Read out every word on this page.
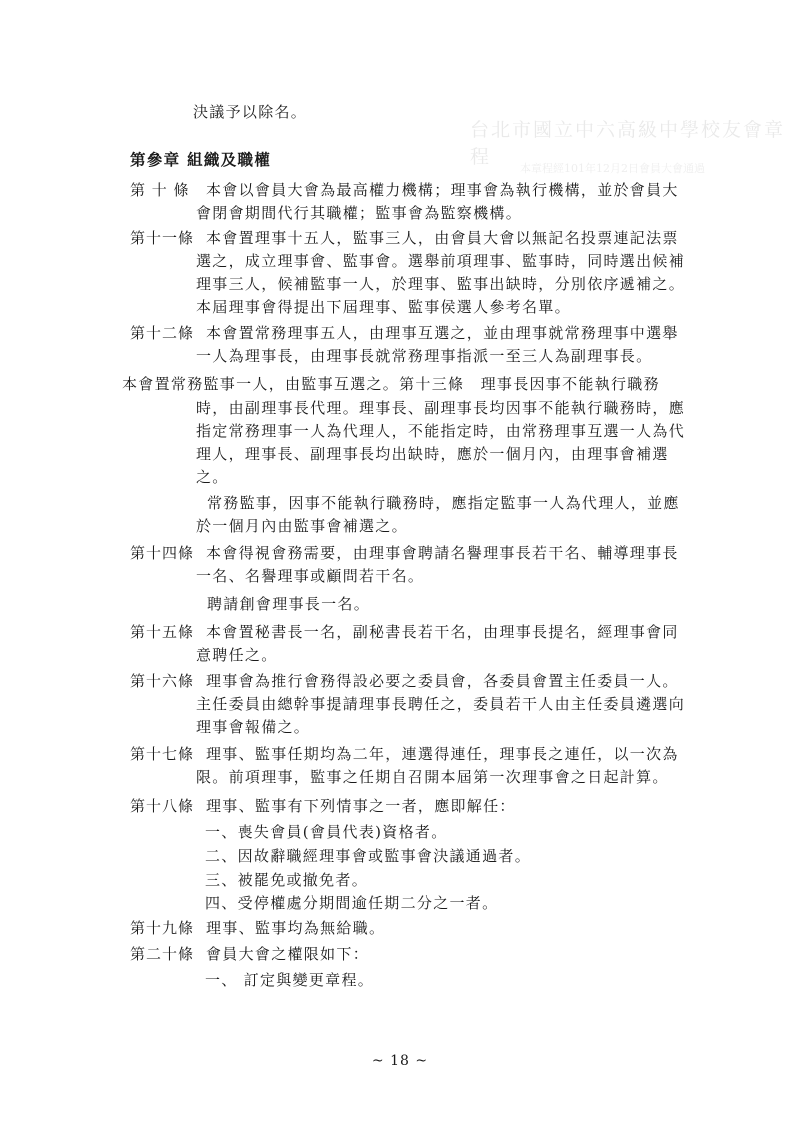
台北市國立中六高級中學校友會章程
本章程經101年12月2日會員大會通過
決議予以除名。
第參章 組織及職權
第 十 條 本會以會員大會為最高權力機構；理事會為執行機構，並於會員大
會閉會期間代行其職權；監事會為監察機構。
第十一條 本會置理事十五人，監事三人，由會員大會以無記名投票連記法票
選之，成立理事會、監事會。選舉前項理事、監事時，同時選出候補
理事三人，候補監事一人，於理事、監事出缺時，分別依序遞補之。
本屆理事會得提出下屆理事、監事侯選人參考名單。
第十二條 本會置常務理事五人，由理事互選之，並由理事就常務理事中選舉
一人為理事長，由理事長就常務理事指派一至三人為副理事長。
本會置常務監事一人，由監事互選之。第十三條　理事長因事不能執行職務
時，由副理事長代理。理事長、副理事長均因事不能執行職務時，應
指定常務理事一人為代理人，不能指定時，由常務理事互選一人為代
理人，理事長、副理事長均出缺時，應於一個月內，由理事會補選
之。
常務監事，因事不能執行職務時，應指定監事一人為代理人，並應
於一個月內由監事會補選之。
第十四條 本會得視會務需要，由理事會聘請名譽理事長若干名、輔導理事長
一名、名譽理事或顧問若干名。
聘請創會理事長一名。
第十五條 本會置秘書長一名，副秘書長若干名，由理事長提名，經理事會同
意聘任之。
第十六條 理事會為推行會務得設必要之委員會，各委員會置主任委員一人。
主任委員由總幹事提請理事長聘任之，委員若干人由主任委員遴選向
理事會報備之。
第十七條 理事、監事任期均為二年，連選得連任，理事長之連任，以一次為
限。前項理事，監事之任期自召開本屆第一次理事會之日起計算。
第十八條 理事、監事有下列情事之一者，應即解任：
一、喪失會員(會員代表)資格者。
二、因故辭職經理事會或監事會決議通過者。
三、被罷免或撤免者。
四、受停權處分期間逾任期二分之一者。
第十九條 理事、監事均為無給職。
第二十條 會員大會之權限如下：
一、 訂定與變更章程。
~ 18 ~
